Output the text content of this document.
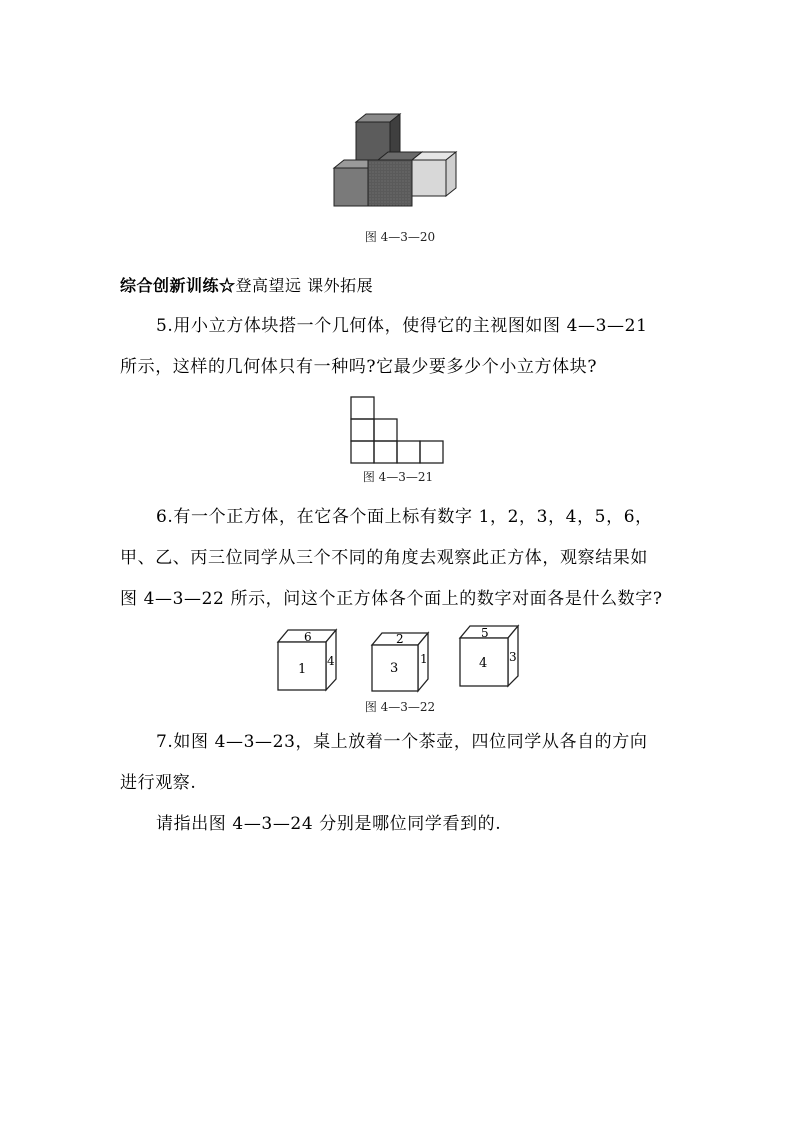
图 4—3—20
综合创新训练☆登高望远 课外拓展
5.用小立方体块搭一个几何体，使得它的主视图如图 4—3—21
所示，这样的几何体只有一种吗?它最少要多少个小立方体块?
图 4—3—21
6.有一个正方体，在它各个面上标有数字 1，2，3，4，5，6，
甲、乙、丙三位同学从三个不同的角度去观察此正方体，观察结果如
图 4—3—22 所示，问这个正方体各个面上的数字对面各是什么数字?
6
1
4
2
3
1
5
4 3
图 4—3—22
7.如图 4—3—23，桌上放着一个茶壶，四位同学从各自的方向
进行观察.
请指出图 4—3—24 分别是哪位同学看到的.
